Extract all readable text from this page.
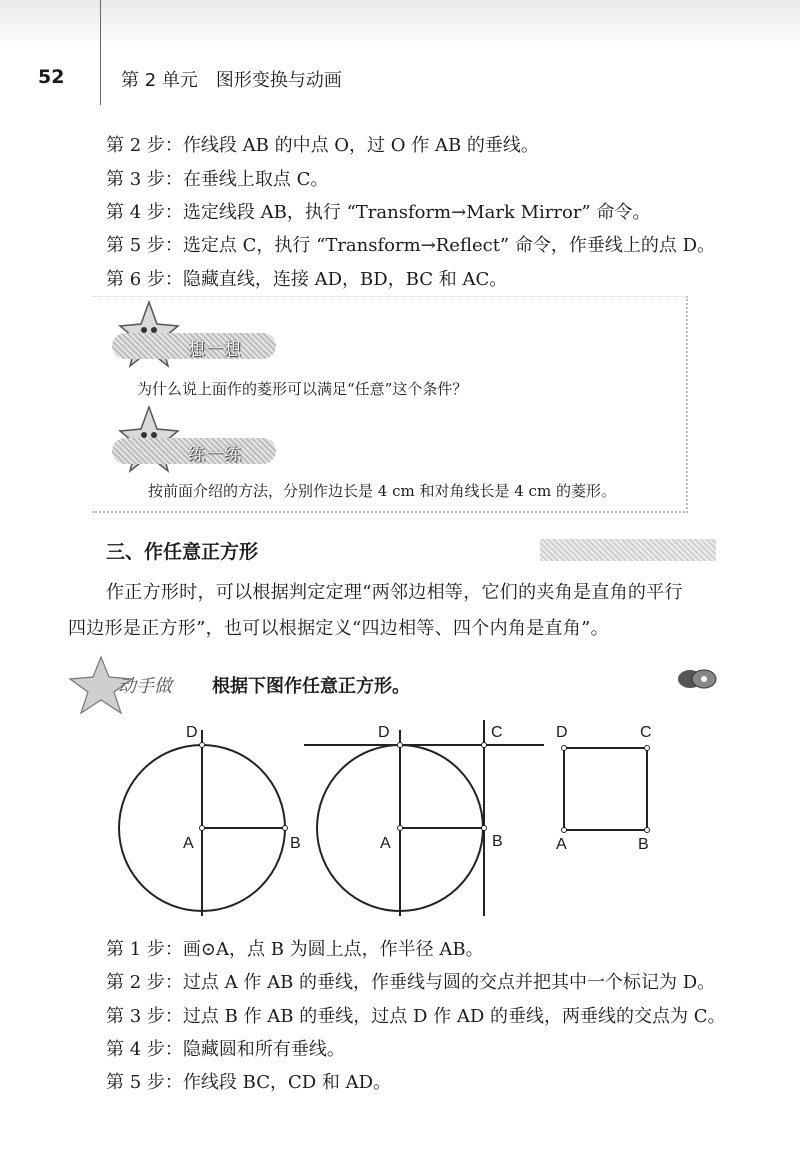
52	第 2 单元　图形变换与动画
第 2 步：作线段 AB 的中点 O，过 O 作 AB 的垂线。
第 3 步：在垂线上取点 C。
第 4 步：选定线段 AB，执行 “Transform→Mark Mirror” 命令。
第 5 步：选定点 C，执行 “Transform→Reflect” 命令，作垂线上的点 D。
第 6 步：隐藏直线，连接 AD，BD，BC 和 AC。
想一想
为什么说上面作的菱形可以满足“任意”这个条件？
练一练
按前面介绍的方法，分别作边长是 4 cm 和对角线长是 4 cm 的菱形。
三、作任意正方形
作正方形时，可以根据判定定理“两邻边相等，它们的夹角是直角的平行
四边形是正方形”，也可以根据定义“四边相等、四个内角是直角”。
动手做 根据下图作任意正方形。
D
A	B
D	C
A	B
D	C
A	B
第 1 步：画⊙A，点 B 为圆上点，作半径 AB。
第 2 步：过点 A 作 AB 的垂线，作垂线与圆的交点并把其中一个标记为 D。
第 3 步：过点 B 作 AB 的垂线，过点 D 作 AD 的垂线，两垂线的交点为 C。
第 4 步：隐藏圆和所有垂线。
第 5 步：作线段 BC，CD 和 AD。
